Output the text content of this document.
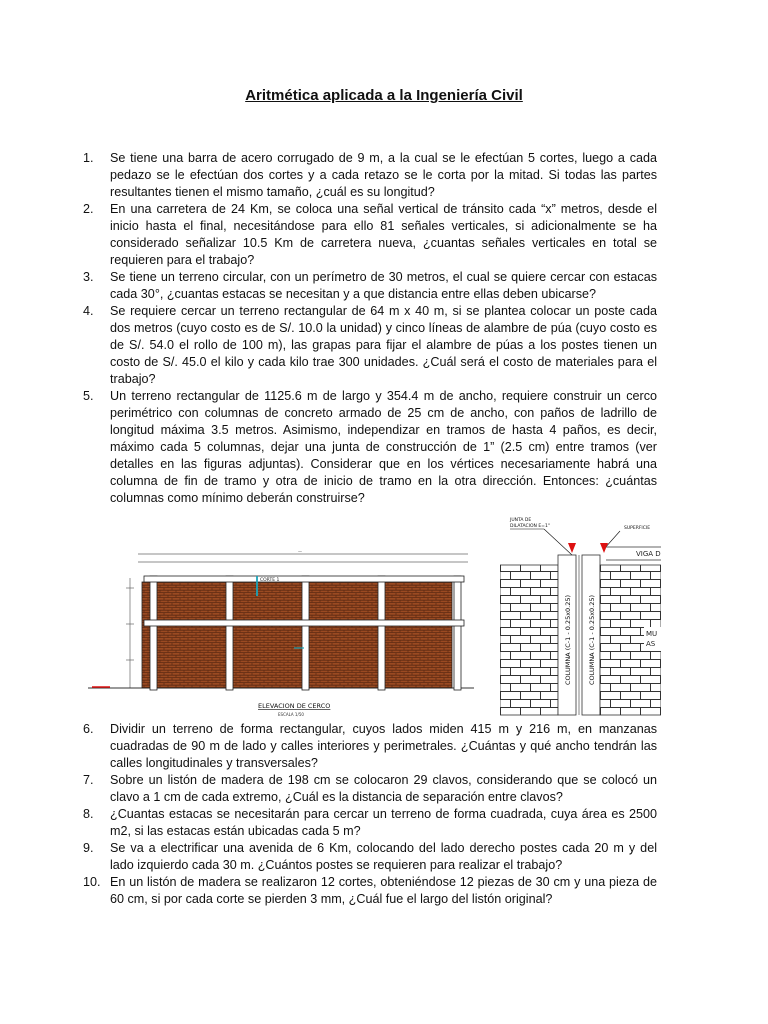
Aritmética aplicada a la Ingeniería Civil
1. Se tiene una barra de acero corrugado de 9 m, a la cual se le efectúan 5 cortes, luego a cada pedazo se le efectúan dos cortes y a cada retazo se le corta por la mitad. Si todas las partes resultantes tienen el mismo tamaño, ¿cuál es su longitud?
2. En una carretera de 24 Km, se coloca una señal vertical de tránsito cada “x” metros, desde el inicio hasta el final, necesitándose para ello 81 señales verticales, si adicionalmente se ha considerado señalizar 10.5 Km de carretera nueva, ¿cuantas señales verticales en total se requieren para el trabajo?
3. Se tiene un terreno circular, con un perímetro de 30 metros, el cual se quiere cercar con estacas cada 30°, ¿cuantas estacas se necesitan y a que distancia entre ellas deben ubicarse?
4. Se requiere cercar un terreno rectangular de 64 m x 40 m, si se plantea colocar un poste cada dos metros (cuyo costo es de S/. 10.0 la unidad) y cinco líneas de alambre de púa (cuyo costo es de S/. 54.0 el rollo de 100 m), las grapas para fijar el alambre de púas a los postes tienen un costo de S/. 45.0 el kilo y cada kilo trae 300 unidades. ¿Cuál será el costo de materiales para el trabajo?
5. Un terreno rectangular de 1125.6 m de largo y 354.4 m de ancho, requiere construir un cerco perimétrico con columnas de concreto armado de 25 cm de ancho, con paños de ladrillo de longitud máxima 3.5 metros. Asimismo, independizar en tramos de hasta 4 paños, es decir, máximo cada 5 columnas, dejar una junta de construcción de 1” (2.5 cm) entre tramos (ver detalles en las figuras adjuntas). Considerar que en los vértices necesariamente habrá una columna de fin de tramo y otra de inicio de tramo en la otra dirección. Entonces: ¿cuántas columnas como mínimo deberán construirse?
—
CORTE 1
ELEVACION DE CERCO
ESCALA 1/50
JUNTA DE
DILATACION E=1"	SUPERFICIE
VIGA D
COLUMNA (C-1 - 0.25x0.25) COLUMNA (C-1 - 0.25x0.25)	MU
AS
6. Dividir un terreno de forma rectangular, cuyos lados miden 415 m y 216 m, en manzanas cuadradas de 90 m de lado y calles interiores y perimetrales. ¿Cuántas y qué ancho tendrán las calles longitudinales y transversales?
7. Sobre un listón de madera de 198 cm se colocaron 29 clavos, considerando que se colocó un clavo a 1 cm de cada extremo, ¿Cuál es la distancia de separación entre clavos?
8. ¿Cuantas estacas se necesitarán para cercar un terreno de forma cuadrada, cuya área es 2500 m2, si las estacas están ubicadas cada 5 m?
9. Se va a electrificar una avenida de 6 Km, colocando del lado derecho postes cada 20 m y del lado izquierdo cada 30 m. ¿Cuántos postes se requieren para realizar el trabajo?
10. En un listón de madera se realizaron 12 cortes, obteniéndose 12 piezas de 30 cm y una pieza de 60 cm, si por cada corte se pierden 3 mm, ¿Cuál fue el largo del listón original?
